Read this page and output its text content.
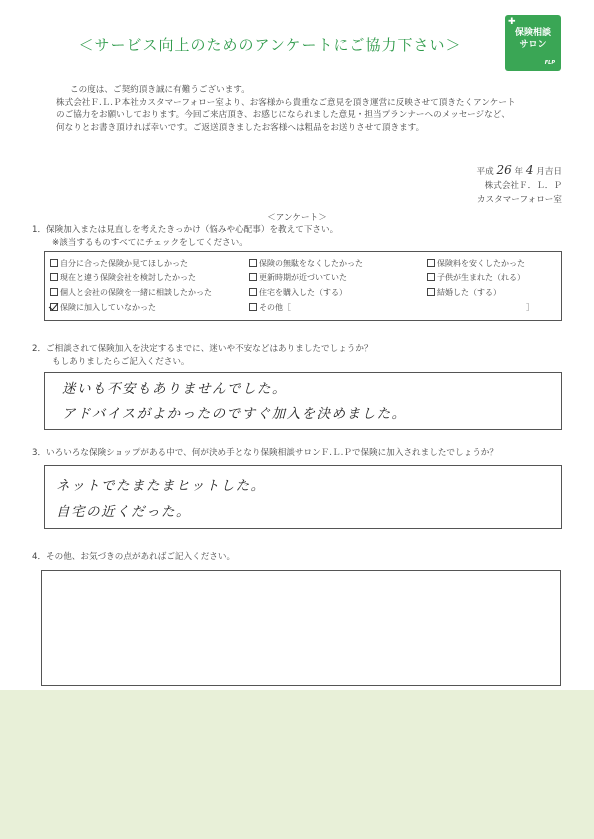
＜サービス向上のためのアンケートにご協力下さい＞
✚
保険相談
サロン
FLP

この度は、ご契約頂き誠に有難うございます。

株式会社Ｆ.Ｌ.Ｐ本社カスタマーフォロー室より、お客様から貴重なご意見を頂き運営に反映させて頂きたくアンケート

のご協力をお願いしております。今回ご来店頂き、お感じになられました意見・担当プランナーへのメッセージなど、

何なりとお書き頂ければ幸いです。ご返送頂きましたお客様へは粗品をお送りさせて頂きます。

平成 26 年 4 月吉日
株式会社Ｆ．Ｌ．Ｐ
カスタマーフォロー室
＜アンケート＞
1．保険加入または見直しを考えたきっかけ（悩みや心配事）を教えて下さい。
※該当するものすべてにチェックをしてください。
自分に合った保険か見てほしかった	保険の無駄をなくしたかった	保険料を安くしたかった
現在と違う保険会社を検討したかった	更新時期が近づいていた	子供が生まれた（れる）
個人と会社の保険を一緒に相談したかった	住宅を購入した（する）	結婚した（する）
保険に加入していなかった	その他［	］
2．ご相談されて保険加入を決定するまでに、迷いや不安などはありましたでしょうか？
もしありましたらご記入ください。
迷いも不安もありませんでした。
アドバイスがよかったのですぐ加入を決めました。
3．いろいろな保険ショップがある中で、何が決め手となり保険相談サロンＦ.Ｌ.Ｐで保険に加入されましたでしょうか？
ネットでたまたまヒットした。
自宅の近くだった。
4．その他、お気づきの点があればご記入ください。
